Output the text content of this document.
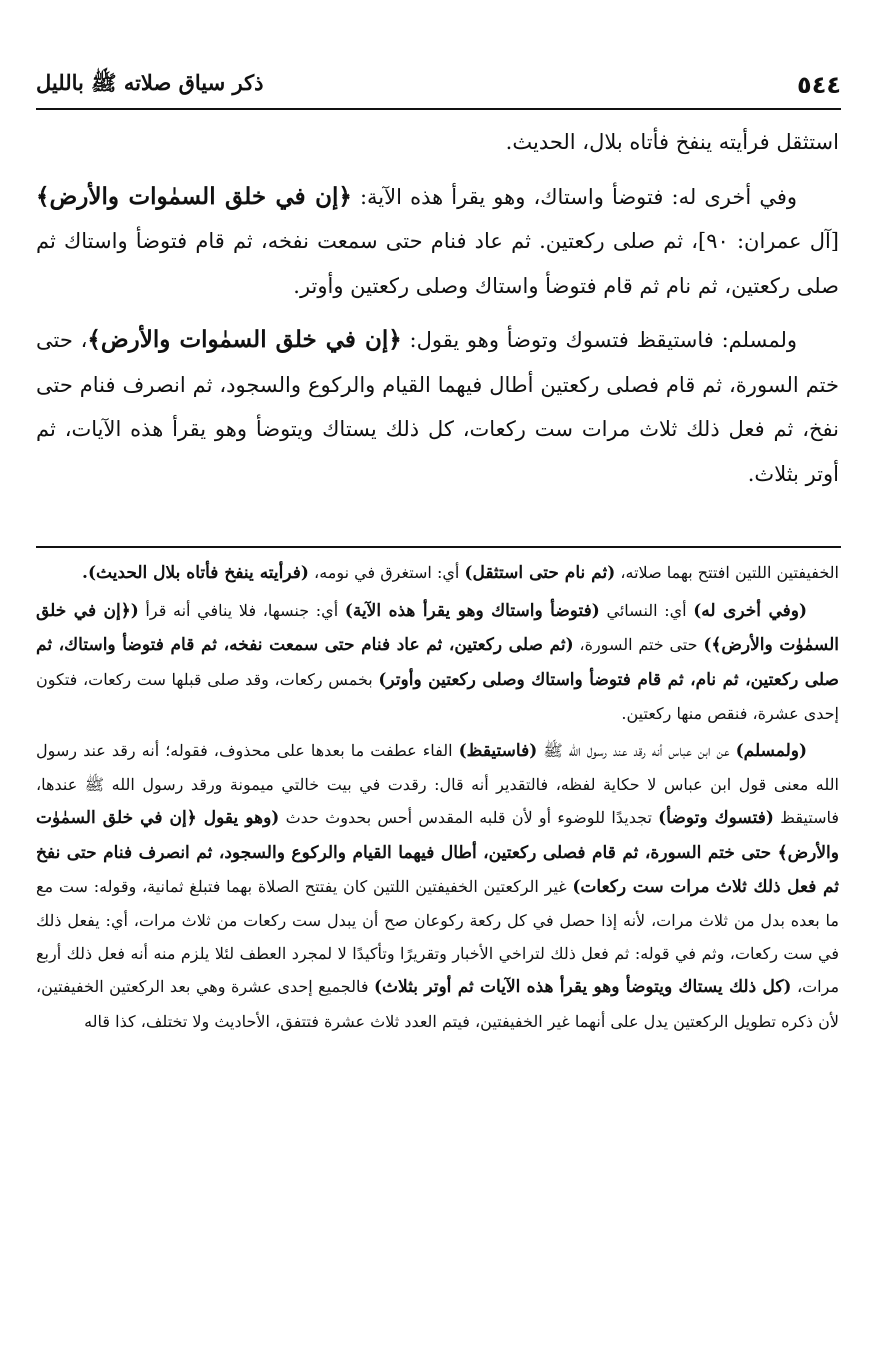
٥٤٤
ذكر سياق صلاته ﷺ بالليل

استثقل فرأيته ينفخ فأتاه بلال، الحديث.

وفي أخرى له: فتوضأ واستاك، وهو يقرأ هذه الآية: ﴿إن في خلق السمٰوات والأرض﴾ [آل عمران: ٩٠]، ثم صلى ركعتين. ثم عاد فنام حتى سمعت نفخه، ثم قام فتوضأ واستاك ثم صلى ركعتين، ثم نام ثم قام فتوضأ واستاك وصلى ركعتين وأوتر.

ولمسلم: فاستيقظ فتسوك وتوضأ وهو يقول: ﴿إن في خلق السمٰوات والأرض﴾، حتى ختم السورة، ثم قام فصلى ركعتين أطال فيهما القيام والركوع والسجود، ثم انصرف فنام حتى نفخ، ثم فعل ذلك ثلاث مرات ست ركعات، كل ذلك يستاك ويتوضأ وهو يقرأ هذه الآيات، ثم أوتر بثلاث.

الخفيفتين اللتين افتتح بهما صلاته، (ثم نام حتى استثقل) أي: استغرق في نومه، (فرأيته ينفخ فأتاه بلال الحديث).

(وفي أخرى له) أي: النسائي (فتوضأ واستاك وهو يقرأ هذه الآية) أي: جنسها، فلا ينافي أنه قرأ (﴿إن في خلق السمٰوٰت والأرض﴾) حتى ختم السورة، (ثم صلى ركعتين، ثم عاد فنام حتى سمعت نفخه، ثم قام فتوضأ واستاك، ثم صلى ركعتين، ثم نام، ثم قام فتوضأ واستاك وصلى ركعتين وأوتر) بخمس ركعات، وقد صلى قبلها ست ركعات، فتكون إحدى عشرة، فنقص منها ركعتين.

(ولمسلم) عن ابن عباس أنه رقد عند رسول الله ﷺ (فاستيقظ) الفاء عطفت ما بعدها على محذوف، فقوله؛ أنه رقد عند رسول الله معنى قول ابن عباس لا حكاية لفظه، فالتقدير أنه قال: رقدت في بيت خالتي ميمونة ورقد رسول الله ﷺ عندها، فاستيقظ (فتسوك وتوضأ) تجديدًا للوضوء أو لأن قلبه المقدس أحس بحدوث حدث (وهو يقول ﴿إن في خلق السمٰوٰت والأرض﴾ حتى ختم السورة، ثم قام فصلى ركعتين، أطال فيهما القيام والركوع والسجود، ثم انصرف فنام حتى نفخ ثم فعل ذلك ثلاث مرات ست ركعات) غير الركعتين الخفيفتين اللتين كان يفتتح الصلاة بهما فتبلغ ثمانية، وقوله: ست مع ما بعده بدل من ثلاث مرات، لأنه إذا حصل في كل ركعة ركوعان صح أن يبدل ست ركعات من ثلاث مرات، أي: يفعل ذلك في ست ركعات، وثم في قوله: ثم فعل ذلك لتراخي الأخبار وتقريرًا وتأكيدًا لا لمجرد العطف لئلا يلزم منه أنه فعل ذلك أربع مرات، (كل ذلك يستاك ويتوضأ وهو يقرأ هذه الآيات ثم أوتر بثلاث) فالجميع إحدى عشرة وهي بعد الركعتين الخفيفتين، لأن ذكره تطويل الركعتين يدل على أنهما غير الخفيفتين، فيتم العدد ثلاث عشرة فتتفق، الأحاديث ولا تختلف، كذا قاله
